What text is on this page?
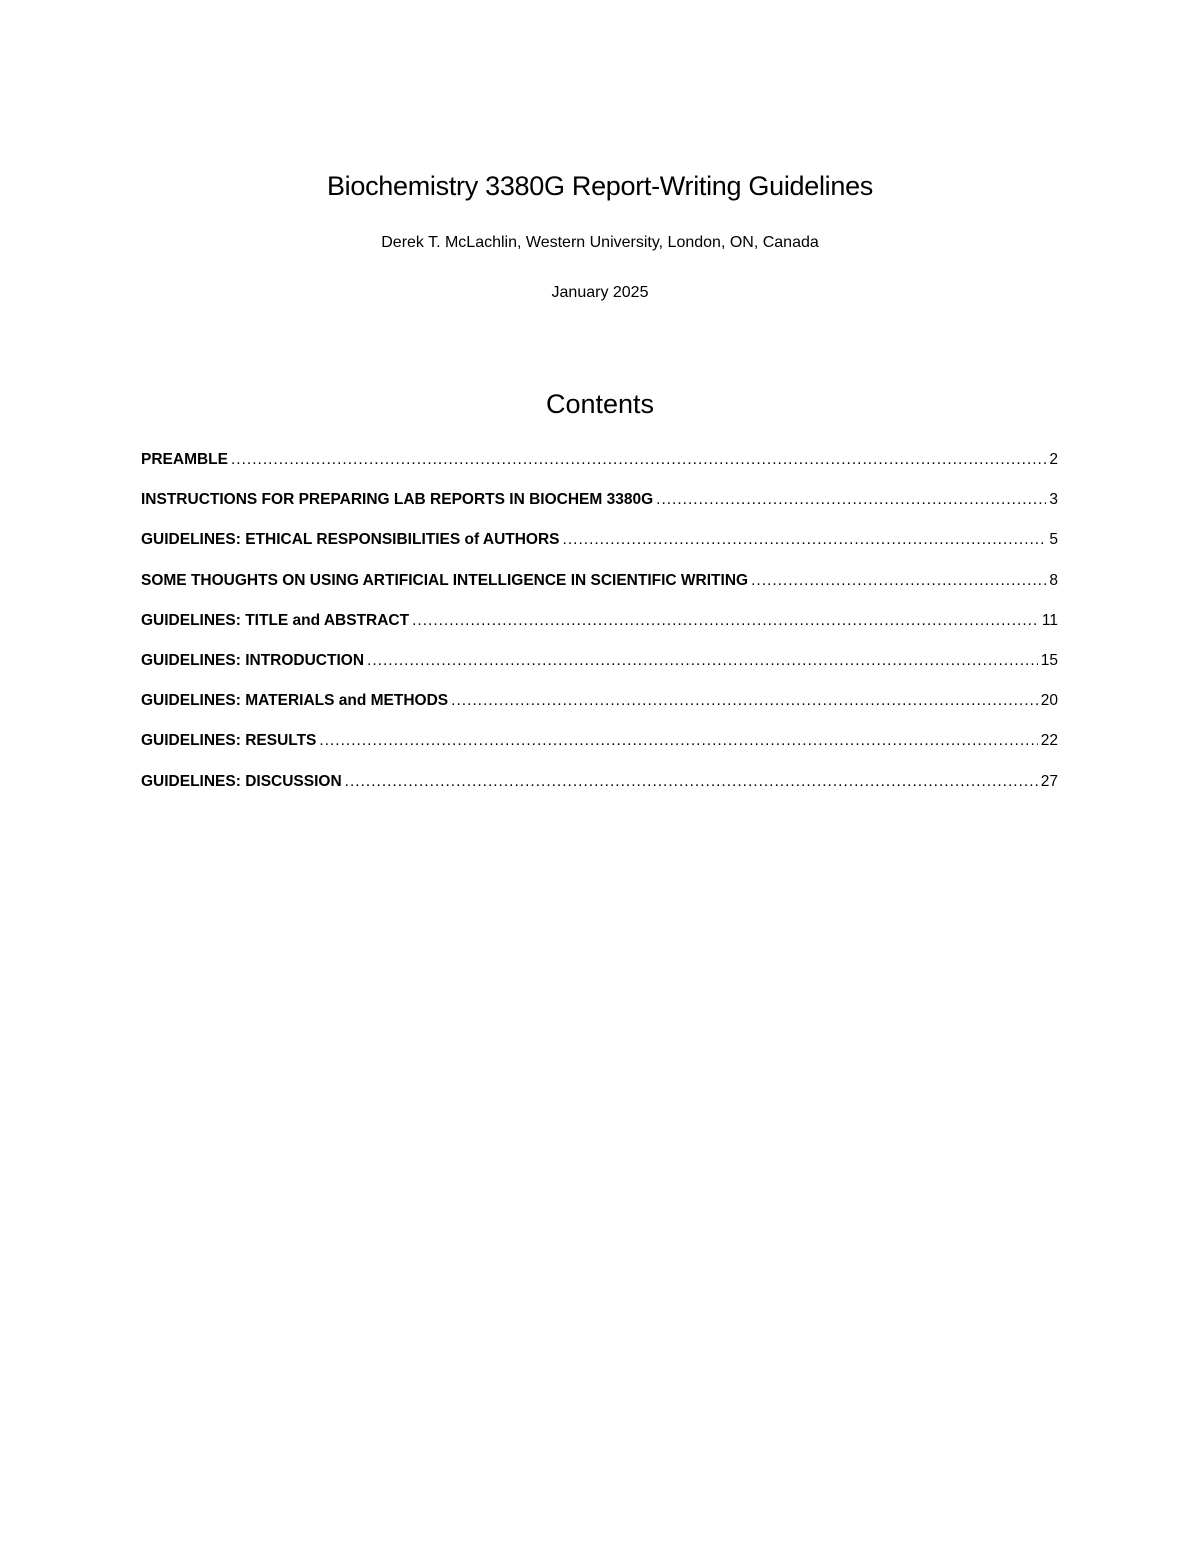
Biochemistry 3380G Report-Writing Guidelines
Derek T. McLachlin, Western University, London, ON, Canada
January 2025
Contents
PREAMBLE .....	2
INSTRUCTIONS FOR PREPARING LAB REPORTS IN BIOCHEM 3380G .....	3
GUIDELINES: ETHICAL RESPONSIBILITIES of AUTHORS .....	5
SOME THOUGHTS ON USING ARTIFICIAL INTELLIGENCE IN SCIENTIFIC WRITING .....	8
GUIDELINES: TITLE and ABSTRACT .....	11
GUIDELINES: INTRODUCTION .....	15
GUIDELINES: MATERIALS and METHODS .....	20
GUIDELINES: RESULTS .....	22
GUIDELINES: DISCUSSION .....	27
